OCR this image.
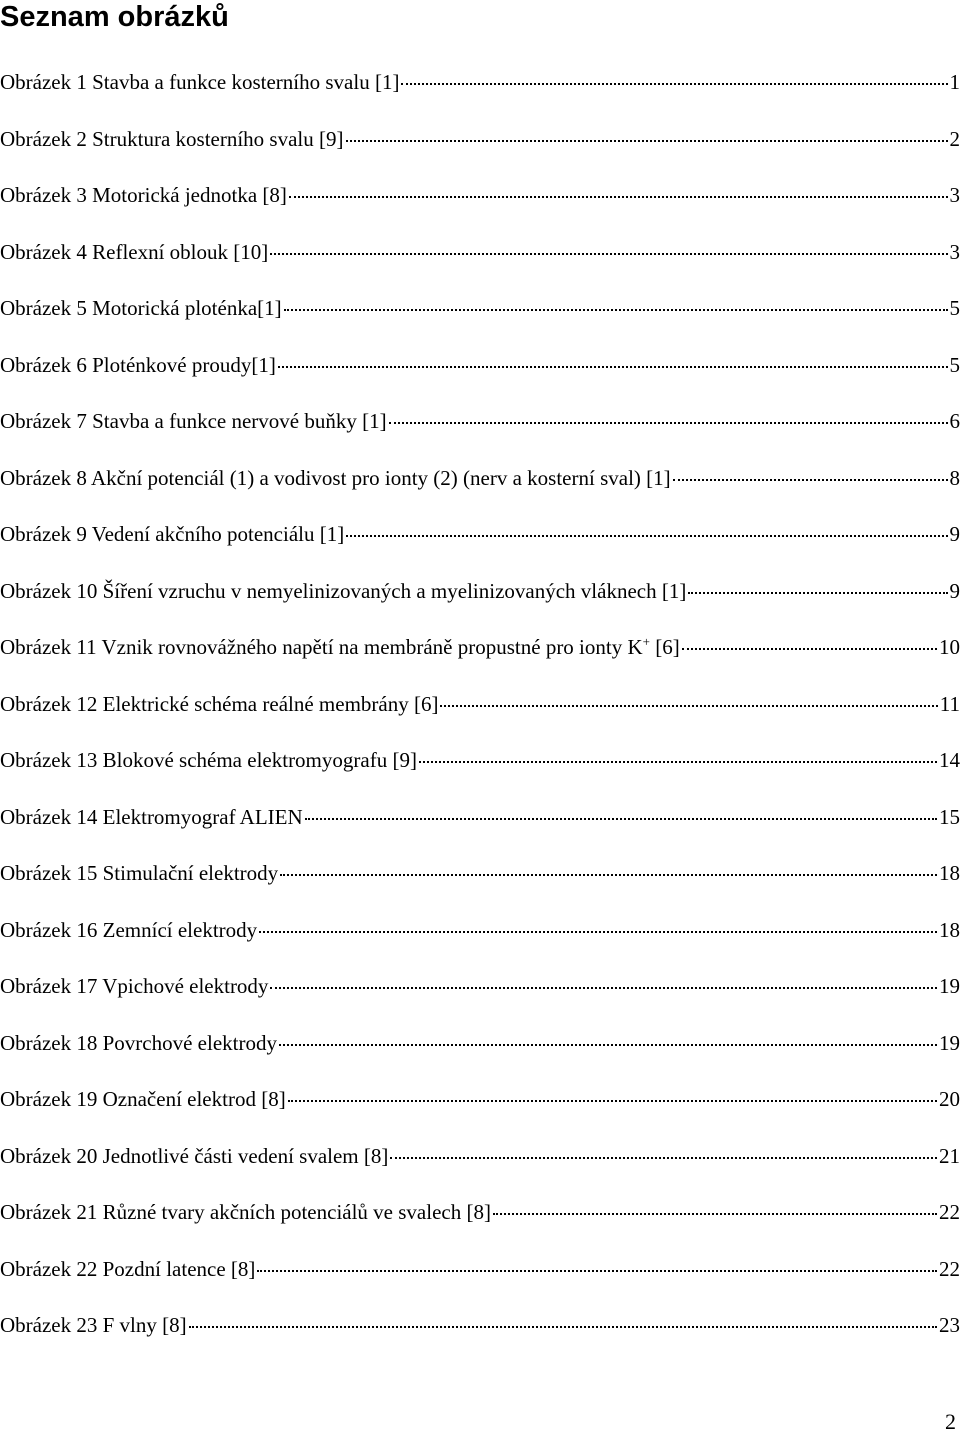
Seznam obrázků
Obrázek 1 Stavba a funkce kosterního svalu [1]	1
Obrázek 2 Struktura kosterního svalu [9]	2
Obrázek 3 Motorická jednotka [8]	3
Obrázek 4 Reflexní oblouk [10]	3
Obrázek 5 Motorická ploténka[1]	5
Obrázek 6 Ploténkové proudy[1]	5
Obrázek 7 Stavba a funkce nervové buňky [1]	6
Obrázek 8 Akční potenciál (1) a vodivost pro ionty (2) (nerv a kosterní sval) [1]	8
Obrázek 9 Vedení akčního potenciálu [1]	9
Obrázek 10 Šíření vzruchu v nemyelinizovaných a myelinizovaných vláknech [1]	9
Obrázek 11 Vznik rovnovážného napětí na membráně propustné pro ionty K+ [6]	10
Obrázek 12 Elektrické schéma reálné membrány [6]	11
Obrázek 13 Blokové schéma elektromyografu [9]	14
Obrázek 14 Elektromyograf ALIEN	15
Obrázek 15 Stimulační elektrody	18
Obrázek 16 Zemnící elektrody	18
Obrázek 17 Vpichové elektrody	19
Obrázek 18 Povrchové elektrody	19
Obrázek 19 Označení elektrod [8]	20
Obrázek 20 Jednotlivé části vedení svalem [8]	21
Obrázek 21 Různé tvary akčních potenciálů ve svalech [8]	22
Obrázek 22 Pozdní latence [8]	22
Obrázek 23 F vlny [8]	23
2
